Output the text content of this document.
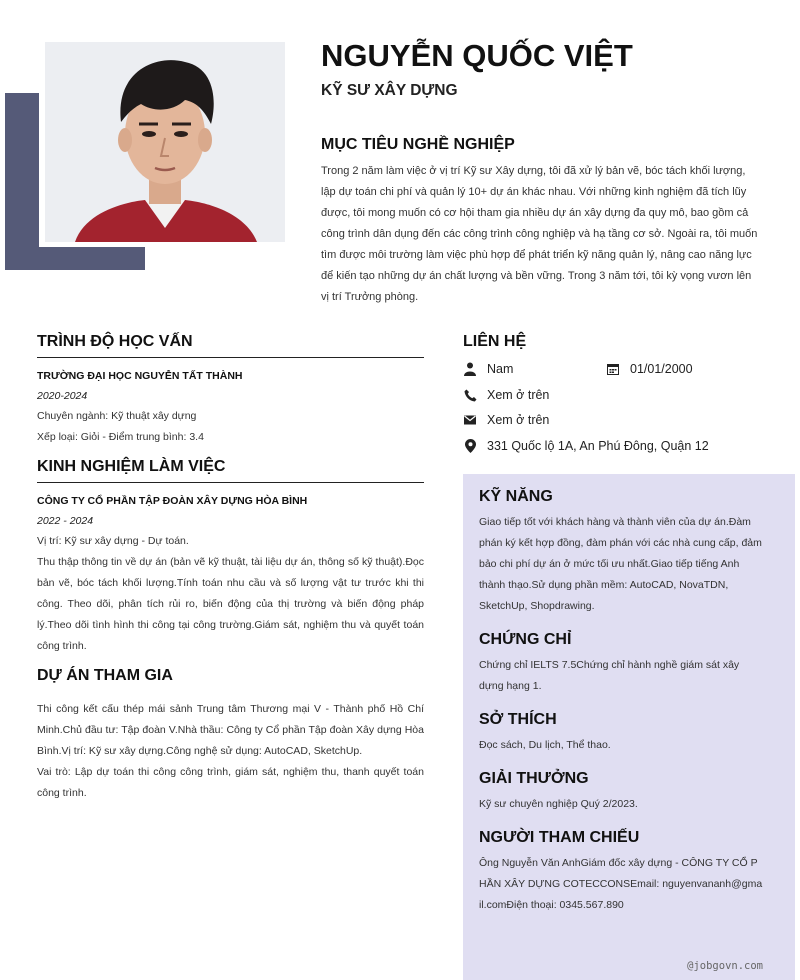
NGUYỄN QUỐC VIỆT
KỸ SƯ XÂY DỰNG
MỤC TIÊU NGHỀ NGHIỆP
Trong 2 năm làm việc ở vị trí Kỹ sư Xây dựng, tôi đã xử lý bản vẽ, bóc tách khối lượng, lập dự toán chi phí và quản lý 10+ dự án khác nhau. Với những kinh nghiệm đã tích lũy được, tôi mong muốn có cơ hội tham gia nhiều dự án xây dựng đa quy mô, bao gồm cả công trình dân dụng đến các công trình công nghiệp và hạ tầng cơ sở. Ngoài ra, tôi muốn tìm được môi trường làm việc phù hợp để phát triển kỹ năng quản lý, nâng cao năng lực để kiến tạo những dự án chất lượng và bền vững. Trong 3 năm tới, tôi kỳ vọng vươn lên vị trí Trưởng phòng.
TRÌNH ĐỘ HỌC VẤN
TRƯỜNG ĐẠI HỌC NGUYỄN TẤT THÀNH
2020-2024
Chuyên ngành: Kỹ thuật xây dựng
Xếp loại: Giỏi - Điểm trung bình: 3.4
KINH NGHIỆM LÀM VIỆC
CÔNG TY CỔ PHẦN TẬP ĐOÀN XÂY DỰNG HÒA BÌNH
2022 - 2024
Vị trí: Kỹ sư xây dựng - Dự toán.
Thu thập thông tin về dự án (bản vẽ kỹ thuật, tài liệu dự án, thông số kỹ thuật).Đọc bản vẽ, bóc tách khối lượng.Tính toán nhu cầu và số lượng vật tư trước khi thi công. Theo dõi, phân tích rủi ro, biến động của thị trường và biến động pháp lý.Theo dõi tình hình thi công tại công trường.Giám sát, nghiệm thu và quyết toán công trình.
DỰ ÁN THAM GIA
Thi công kết cấu thép mái sảnh Trung tâm Thương mại V - Thành phố Hồ Chí Minh.Chủ đầu tư: Tập đoàn V.Nhà thầu: Công ty Cổ phần Tập đoàn Xây dựng Hòa Bình.Vị trí: Kỹ sư xây dựng.Công nghệ sử dụng: AutoCAD, SketchUp.
Vai trò: Lập dự toán thi công công trình, giám sát, nghiệm thu, thanh quyết toán công trình.
LIÊN HỆ
Nam	01/01/2000
Xem ở trên
Xem ở trên
331 Quốc lộ 1A, An Phú Đông, Quận 12
KỸ NĂNG
Giao tiếp tốt với khách hàng và thành viên của dự án.Đàm phán ký kết hợp đồng, đàm phán với các nhà cung cấp, đảm bảo chi phí dự án ở mức tối ưu nhất.Giao tiếp tiếng Anh thành thạo.Sử dụng phần mềm: AutoCAD, NovaTDN, SketchUp, Shopdrawing.
CHỨNG CHỈ
Chứng chỉ IELTS 7.5Chứng chỉ hành nghề giám sát xây dựng hạng 1.
SỞ THÍCH
Đọc sách, Du lịch, Thể thao.
GIẢI THƯỞNG
Kỹ sư chuyên nghiệp Quý 2/2023.
NGƯỜI THAM CHIẾU
Ông Nguyễn Văn AnhGiám đốc xây dựng - CÔNG TY CỔ PHẦN XÂY DỰNG COTECCONSEmail: nguyenvananh@gmail.comĐiện thoại: 0345.567.890
@jobgovn.com
